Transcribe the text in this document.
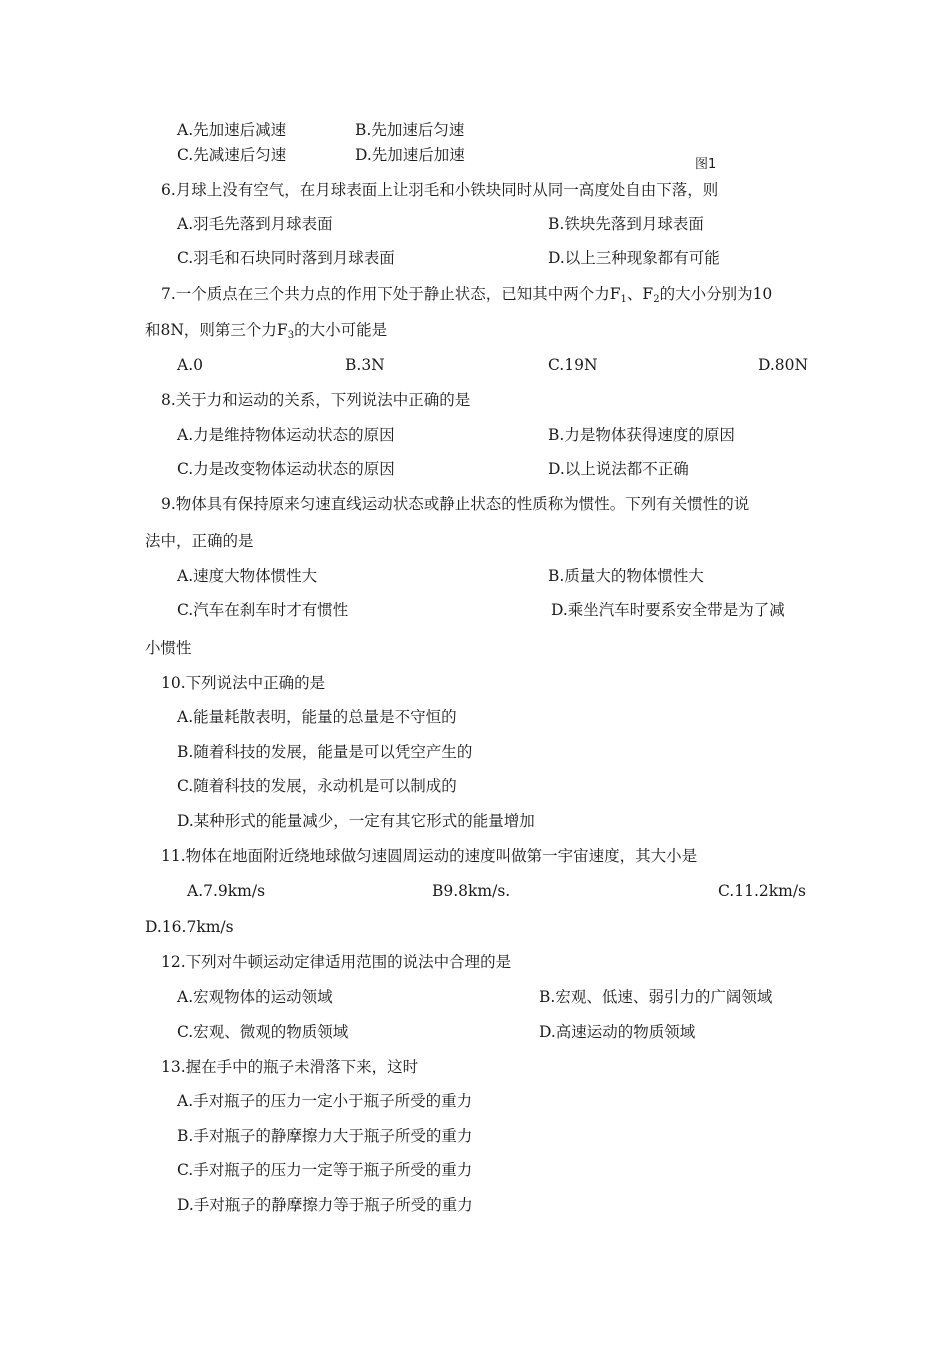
A.先加速后减速	B.先加速后匀速
C.先减速后匀速	D.先加速后加速
图1
6.月球上没有空气，在月球表面上让羽毛和小铁块同时从同一高度处自由下落，则
A.羽毛先落到月球表面	B.铁块先落到月球表面
C.羽毛和石块同时落到月球表面	D.以上三种现象都有可能
7.一个质点在三个共力点的作用下处于静止状态，已知其中两个力$F_1$、$F_2$的大小分别为10
和8N，则第三个力$F_3$的大小可能是
A.0	B.3N	C.19N	D.80N
8.关于力和运动的关系，下列说法中正确的是
A.力是维持物体运动状态的原因	B.力是物体获得速度的原因
C.力是改变物体运动状态的原因	D.以上说法都不正确
9.物体具有保持原来匀速直线运动状态或静止状态的性质称为惯性。下列有关惯性的说
法中，正确的是
A.速度大物体惯性大	B.质量大的物体惯性大
C.汽车在刹车时才有惯性	D.乘坐汽车时要系安全带是为了减
小惯性
10.下列说法中正确的是
A.能量耗散表明，能量的总量是不守恒的
B.随着科技的发展，能量是可以凭空产生的
C.随着科技的发展，永动机是可以制成的
D.某种形式的能量减少，一定有其它形式的能量增加
11.物体在地面附近绕地球做匀速圆周运动的速度叫做第一宇宙速度，其大小是
A.7.9km/s	B9.8km/s.	C.11.2km/s
D.16.7km/s
12.下列对牛顿运动定律适用范围的说法中合理的是
A.宏观物体的运动领域	B.宏观、低速、弱引力的广阔领域
C.宏观、微观的物质领域	D.高速运动的物质领域
13.握在手中的瓶子未滑落下来，这时
A.手对瓶子的压力一定小于瓶子所受的重力
B.手对瓶子的静摩擦力大于瓶子所受的重力
C.手对瓶子的压力一定等于瓶子所受的重力
D.手对瓶子的静摩擦力等于瓶子所受的重力
